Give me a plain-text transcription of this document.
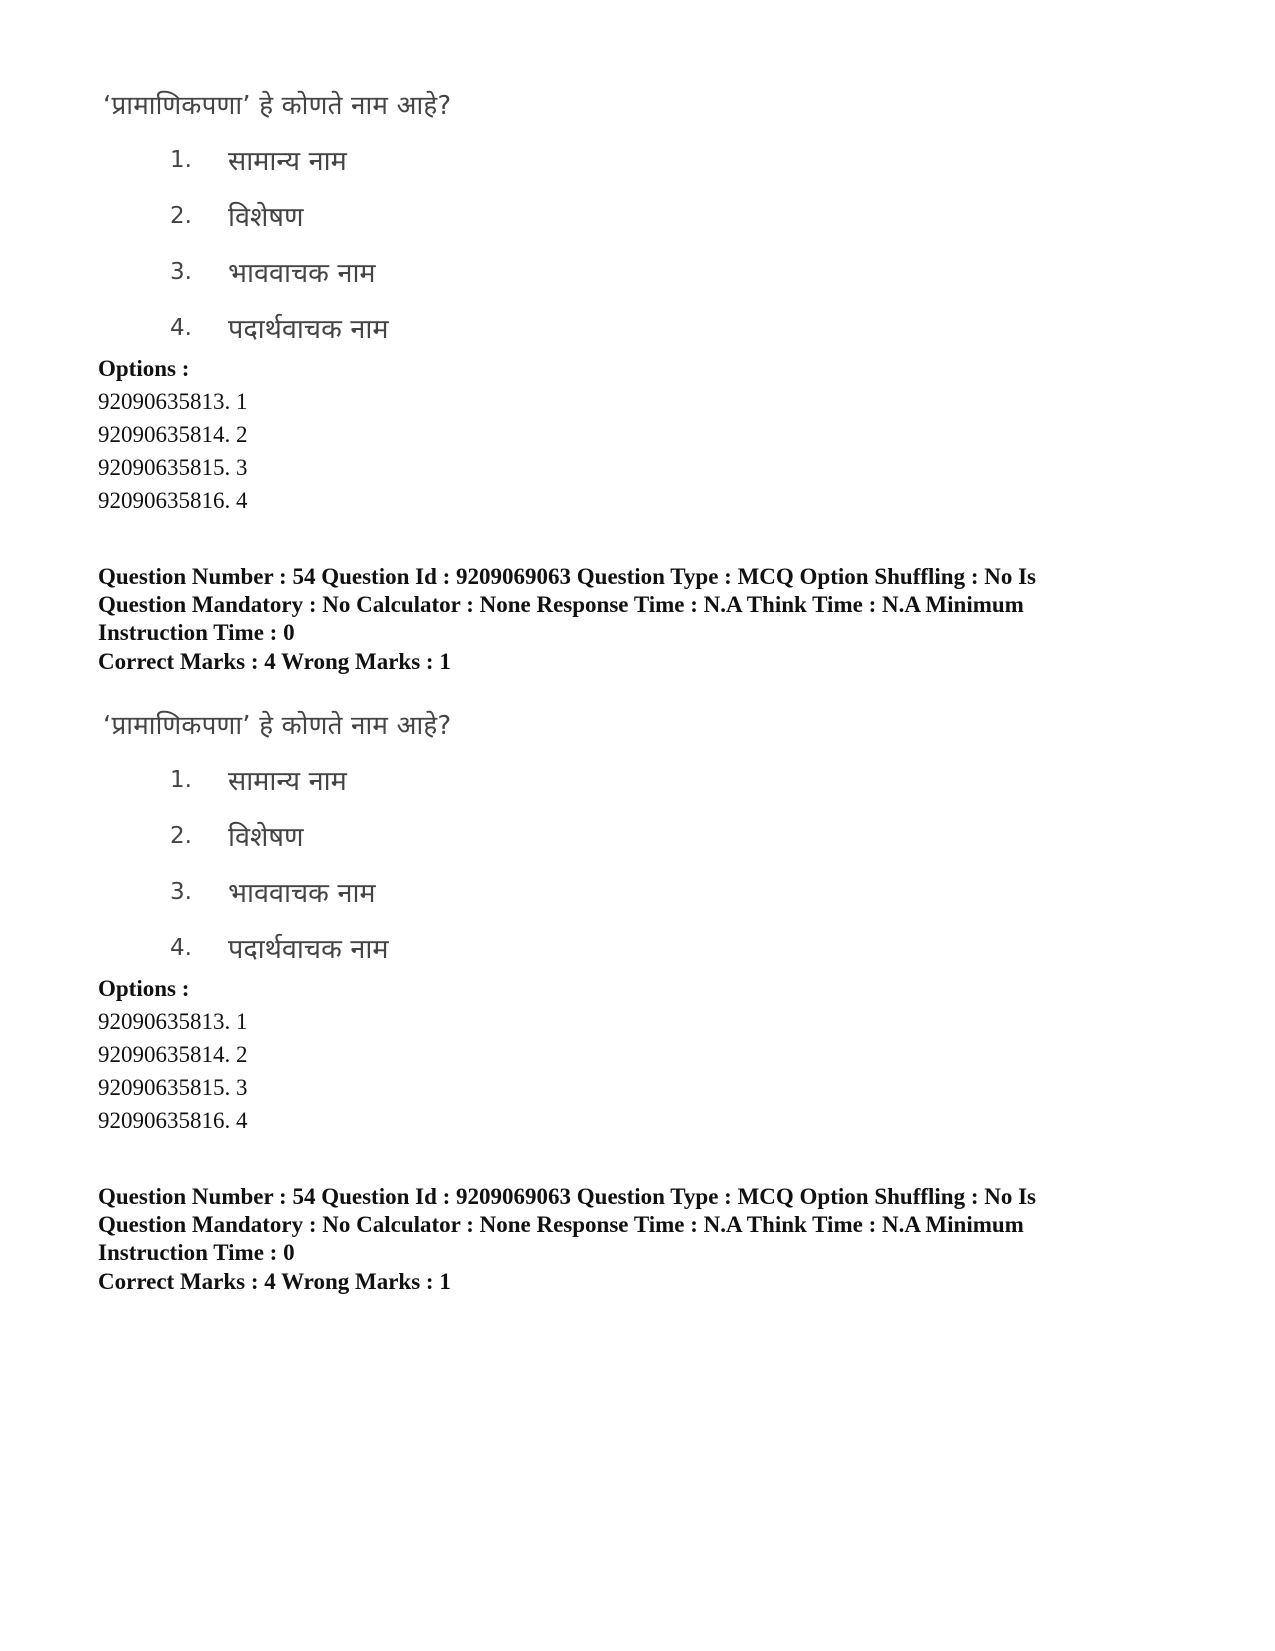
‘प्रामाणिकपणा’ हे कोणते नाम आहे?
1. सामान्य नाम
2. विशेषण
3. भाववाचक नाम
4. पदार्थवाचक नाम
Options :
92090635813. 1
92090635814. 2
92090635815. 3
92090635816. 4
Question Number : 54 Question Id : 9209069063 Question Type : MCQ Option Shuffling : No Is
Question Mandatory : No Calculator : None Response Time : N.A Think Time : N.A Minimum
Instruction Time : 0
Correct Marks : 4 Wrong Marks : 1
‘प्रामाणिकपणा’ हे कोणते नाम आहे?
1. सामान्य नाम
2. विशेषण
3. भाववाचक नाम
4. पदार्थवाचक नाम
Options :
92090635813. 1
92090635814. 2
92090635815. 3
92090635816. 4
Question Number : 54 Question Id : 9209069063 Question Type : MCQ Option Shuffling : No Is
Question Mandatory : No Calculator : None Response Time : N.A Think Time : N.A Minimum
Instruction Time : 0
Correct Marks : 4 Wrong Marks : 1
